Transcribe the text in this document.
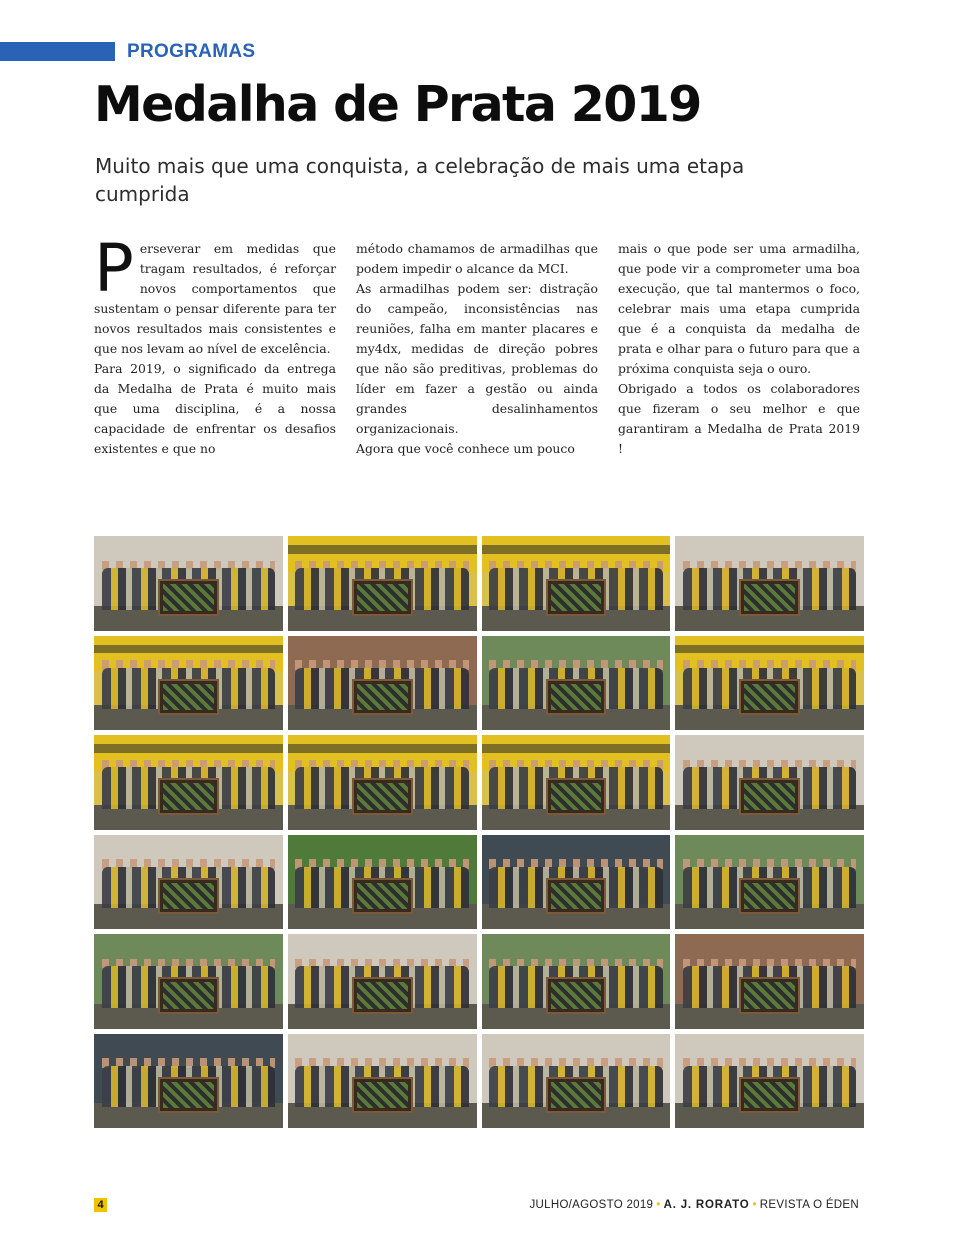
PROGRAMAS
Medalha de Prata 2019
Muito mais que uma conquista, a celebração de mais uma etapa cumprida
P erseverar em medidas que tragam resultados, é reforçar novos comportamentos que sustentam o pensar diferente para ter novos resultados mais consistentes e que nos levam ao nível de excelência.

Para 2019, o significado da entrega da Medalha de Prata é muito mais que uma disciplina, é a nossa capacidade de enfrentar os desafios existentes e que no

método chamamos de armadilhas que podem impedir o alcance da MCI.

As armadilhas podem ser: distração do campeão, inconsistências nas reuniões, falha em manter placares e my4dx, medidas de direção pobres que não são preditivas, problemas do líder em fazer a gestão ou ainda grandes desalinhamentos organizacionais.

Agora que você conhece um pouco

mais o que pode ser uma armadilha, que pode vir a comprometer uma boa execução, que tal mantermos o foco, celebrar mais uma etapa cumprida que é a conquista da medalha de prata e olhar para o futuro para que a próxima conquista seja o ouro.

Obrigado a todos os colaboradores que fizeram o seu melhor e que garantiram a Medalha de Prata 2019 !

4	JULHO/AGOSTO 2019 • A. J. RORATO • REVISTA O ÉDEN
